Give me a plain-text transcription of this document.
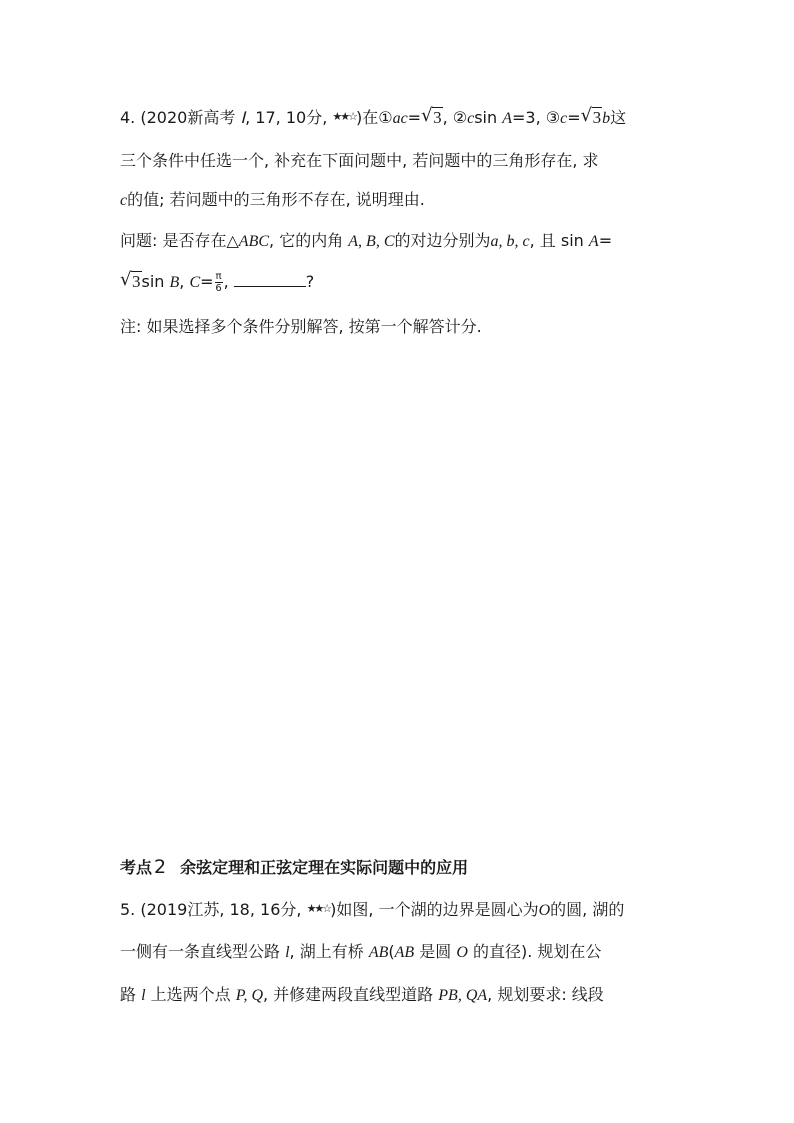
4. (2020新高考 Ⅰ, 17, 10分, ★★☆)在①ac= √ 3, ②csin A=3, ③c= √ 3b这
三个条件中任选一个, 补充在下面问题中, 若问题中的三角形存在, 求
c的值; 若问题中的三角形不存在, 说明理由.
问题: 是否存在△ABC, 它的内角 A, B, C的对边分别为a, b, c, 且 sin A=
√ 3sin B, $C= \frac{\pi}{6}$ ,	?
注: 如果选择多个条件分别解答, 按第一个解答计分.
考点 2 余弦定理和正弦定理在实际问题中的应用
5. (2019江苏, 18, 16分, ★★☆)如图, 一个湖的边界是圆心为O的圆, 湖的
一侧有一条直线型公路 l, 湖上有桥 AB(AB 是圆 O 的直径). 规划在公
路 l 上选两个点 P, Q, 并修建两段直线型道路 PB, QA, 规划要求: 线段
